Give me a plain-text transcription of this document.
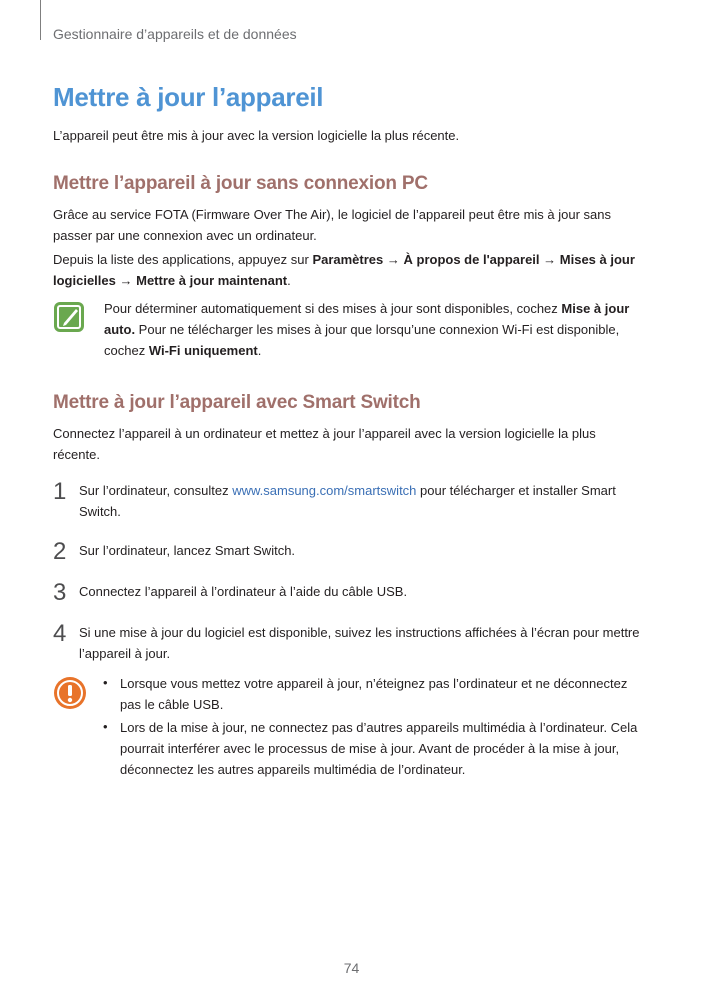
Gestionnaire d’appareils et de données
Mettre à jour l’appareil
L’appareil peut être mis à jour avec la version logicielle la plus récente.
Mettre l’appareil à jour sans connexion PC
Grâce au service FOTA (Firmware Over The Air), le logiciel de l’appareil peut être mis à jour sans passer par une connexion avec un ordinateur.
Depuis la liste des applications, appuyez sur Paramètres → À propos de l'appareil → Mises à jour logicielles → Mettre à jour maintenant.
Pour déterminer automatiquement si des mises à jour sont disponibles, cochez Mise à jour auto. Pour ne télécharger les mises à jour que lorsqu’une connexion Wi-Fi est disponible, cochez Wi-Fi uniquement.
Mettre à jour l’appareil avec Smart Switch
Connectez l’appareil à un ordinateur et mettez à jour l’appareil avec la version logicielle la plus récente.
1 Sur l’ordinateur, consultez www.samsung.com/smartswitch pour télécharger et installer Smart Switch.
2 Sur l’ordinateur, lancez Smart Switch.
3 Connectez l’appareil à l’ordinateur à l’aide du câble USB.
4 Si une mise à jour du logiciel est disponible, suivez les instructions affichées à l’écran pour mettre l’appareil à jour.
• Lorsque vous mettez votre appareil à jour, n’éteignez pas l’ordinateur et ne déconnectez pas le câble USB.
• Lors de la mise à jour, ne connectez pas d’autres appareils multimédia à l’ordinateur. Cela pourrait interférer avec le processus de mise à jour. Avant de procéder à la mise à jour, déconnectez les autres appareils multimédia de l’ordinateur.
74
